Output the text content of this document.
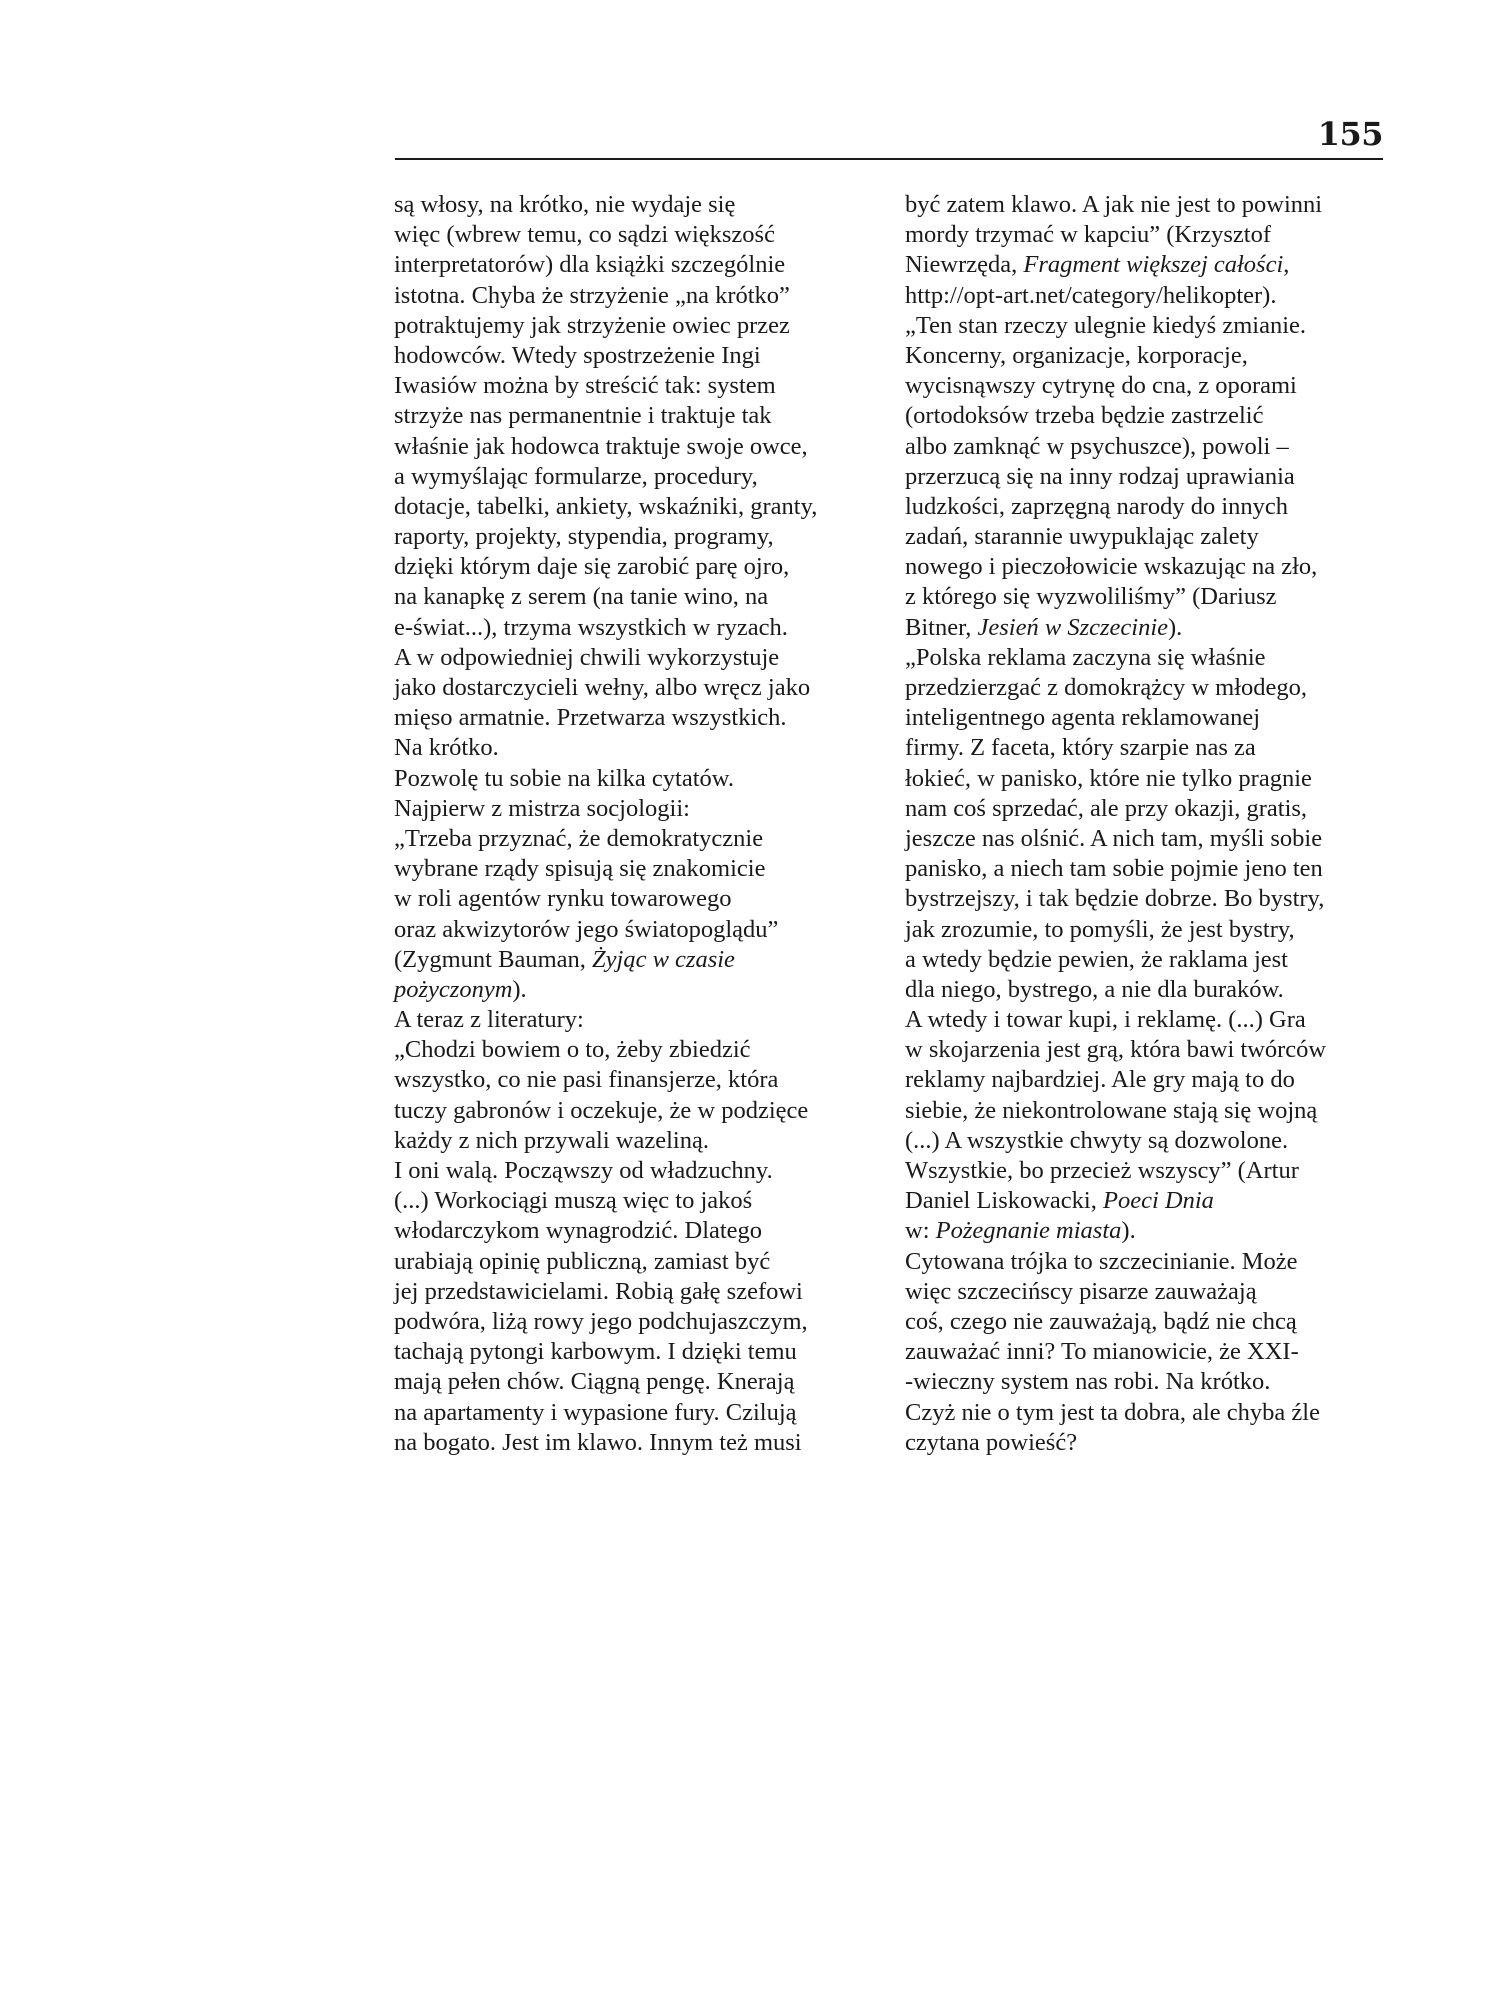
155
są włosy, na krótko, nie wydaje się
więc (wbrew temu, co sądzi większość
interpretatorów) dla książki szczególnie
istotna. Chyba że strzyżenie „na krótko”
potraktujemy jak strzyżenie owiec przez
hodowców. Wtedy spostrzeżenie Ingi
Iwasiów można by streścić tak: system
strzyże nas permanentnie i traktuje tak
właśnie jak hodowca traktuje swoje owce,
a wymyślając formularze, procedury,
dotacje, tabelki, ankiety, wskaźniki, granty,
raporty, projekty, stypendia, programy,
dzięki którym daje się zarobić parę ojro,
na kanapkę z serem (na tanie wino, na
e-świat...), trzyma wszystkich w ryzach.
A w odpowiedniej chwili wykorzystuje
jako dostarczycieli wełny, albo wręcz jako
mięso armatnie. Przetwarza wszystkich.
Na krótko.
Pozwolę tu sobie na kilka cytatów.
Najpierw z mistrza socjologii:
„Trzeba przyznać, że demokratycznie
wybrane rządy spisują się znakomicie
w roli agentów rynku towarowego
oraz akwizytorów jego światopoglądu”
(Zygmunt Bauman, Żyjąc w czasie
pożyczonym).
A teraz z literatury:
„Chodzi bowiem o to, żeby zbiedzić
wszystko, co nie pasi finansjerze, która
tuczy gabronów i oczekuje, że w podzięce
każdy z nich przywali wazeliną.
I oni walą. Począwszy od władzuchny.
(...) Workociągi muszą więc to jakoś
włodarczykom wynagrodzić. Dlatego
urabiają opinię publiczną, zamiast być
jej przedstawicielami. Robią gałę szefowi
podwóra, liżą rowy jego podchujaszczym,
tachają pytongi karbowym. I dzięki temu
mają pełen chów. Ciągną pengę. Knerają
na apartamenty i wypasione fury. Czilują
na bogato. Jest im klawo. Innym też musi
być zatem klawo. A jak nie jest to powinni
mordy trzymać w kapciu” (Krzysztof
Niewrzęda, Fragment większej całości,
http://opt-art.net/category/helikopter).
„Ten stan rzeczy ulegnie kiedyś zmianie.
Koncerny, organizacje, korporacje,
wycisnąwszy cytrynę do cna, z oporami
(ortodoksów trzeba będzie zastrzelić
albo zamknąć w psychuszce), powoli –
przerzucą się na inny rodzaj uprawiania
ludzkości, zaprzęgną narody do innych
zadań, starannie uwypuklając zalety
nowego i pieczołowicie wskazując na zło,
z którego się wyzwoliliśmy” (Dariusz
Bitner, Jesień w Szczecinie).
„Polska reklama zaczyna się właśnie
przedzierzgać z domokrążcy w młodego,
inteligentnego agenta reklamowanej
firmy. Z faceta, który szarpie nas za
łokieć, w panisko, które nie tylko pragnie
nam coś sprzedać, ale przy okazji, gratis,
jeszcze nas olśnić. A nich tam, myśli sobie
panisko, a niech tam sobie pojmie jeno ten
bystrzejszy, i tak będzie dobrze. Bo bystry,
jak zrozumie, to pomyśli, że jest bystry,
a wtedy będzie pewien, że raklama jest
dla niego, bystrego, a nie dla buraków.
A wtedy i towar kupi, i reklamę. (...) Gra
w skojarzenia jest grą, która bawi twórców
reklamy najbardziej. Ale gry mają to do
siebie, że niekontrolowane stają się wojną
(...) A wszystkie chwyty są dozwolone.
Wszystkie, bo przecież wszyscy” (Artur
Daniel Liskowacki, Poeci Dnia
w: Pożegnanie miasta).
Cytowana trójka to szczecinianie. Może
więc szczecińscy pisarze zauważają
coś, czego nie zauważają, bądź nie chcą
zauważać inni? To mianowicie, że XXI-
-wieczny system nas robi. Na krótko.
Czyż nie o tym jest ta dobra, ale chyba źle
czytana powieść?
